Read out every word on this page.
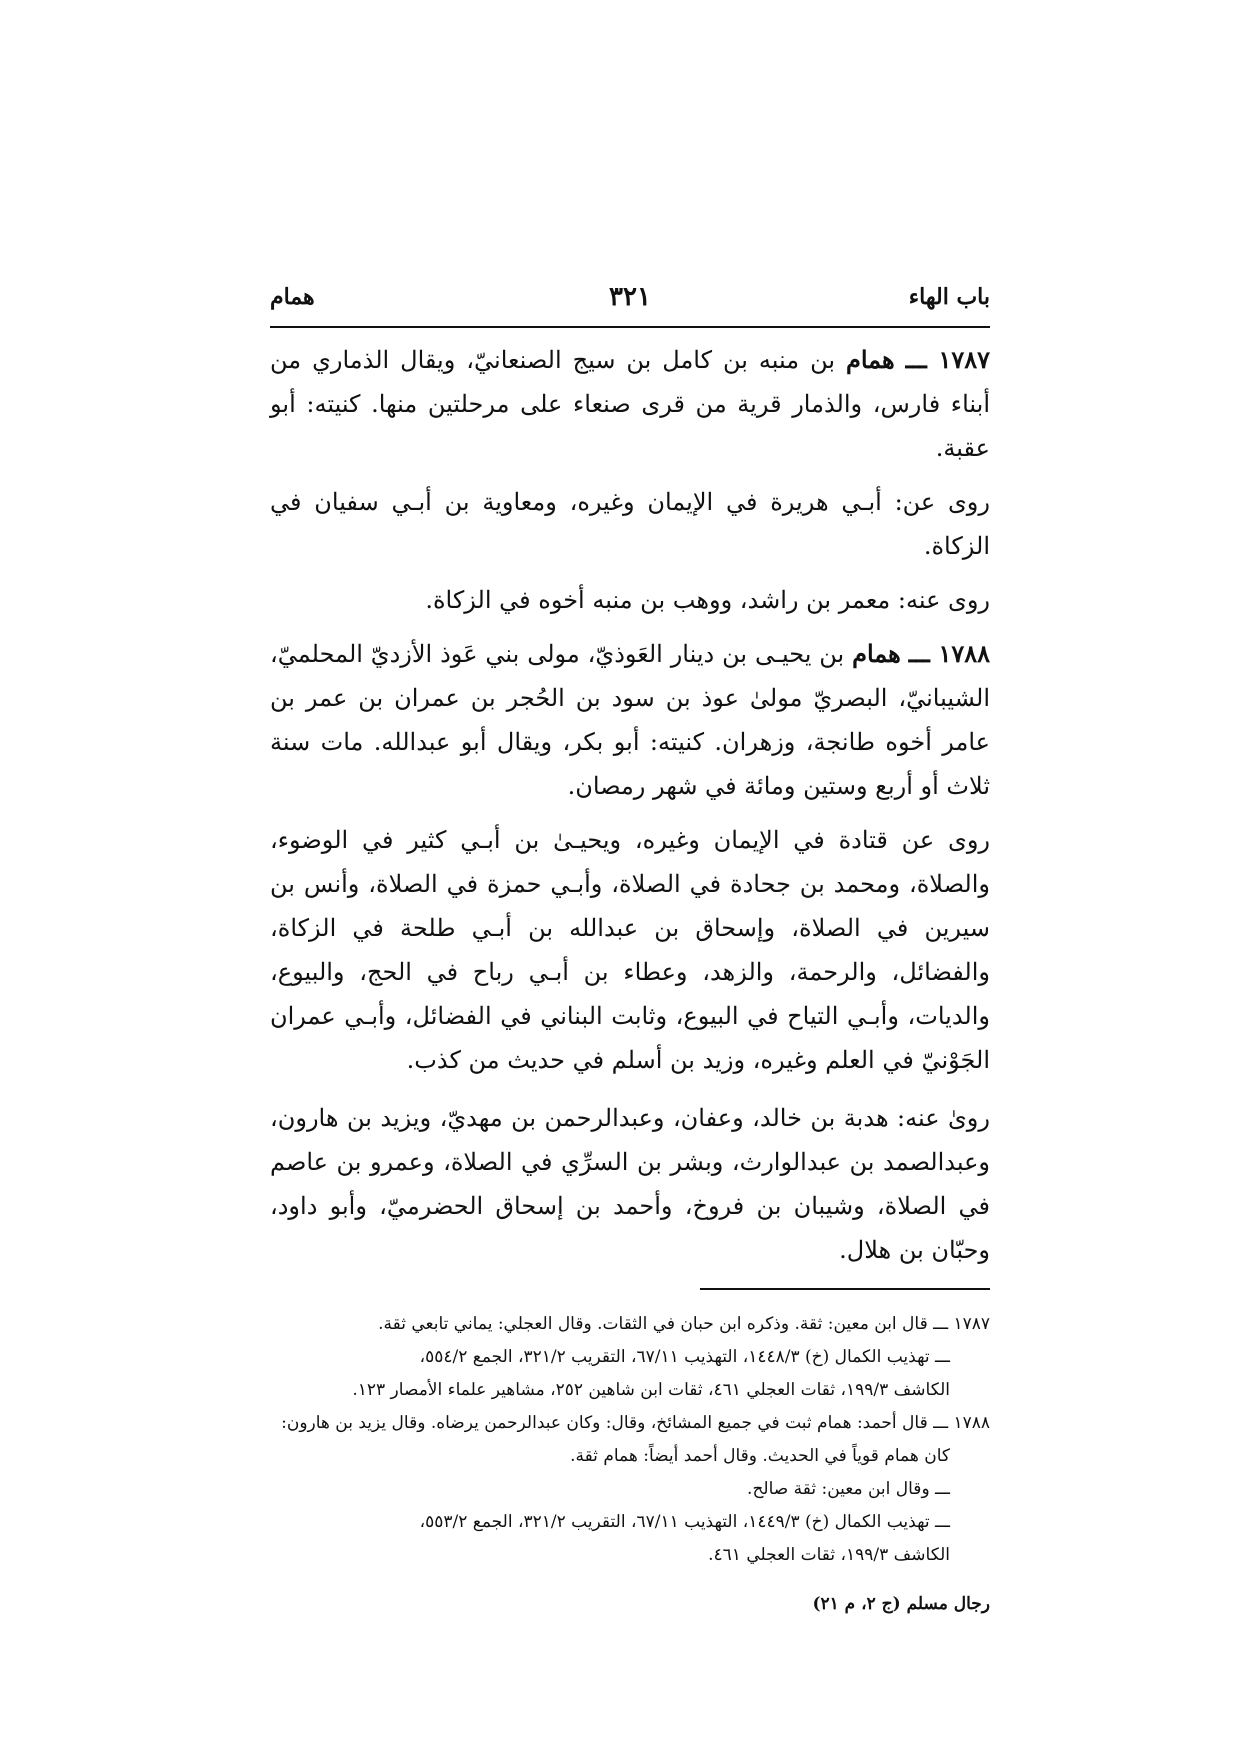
باب الهاء
٣٢١
همام

١٧٨٧ ـــ همام بن منبه بن كامل بن سيج الصنعانيّ، ويقال الذماري من أبناء فارس، والذمار قرية من قرى صنعاء على مرحلتين منها. كنيته: أبو عقبة.

روى عن: أبـي هريرة في الإيمان وغيره، ومعاوية بن أبـي سفيان في الزكاة.

روى عنه: معمر بن راشد، ووهب بن منبه أخوه في الزكاة.

١٧٨٨ ـــ همام بن يحيـى بن دينار العَوذيّ، مولى بني عَوذ الأزديّ المحلميّ، الشيبانيّ، البصريّ مولىٰ عوذ بن سود بن الحُجر بن عمران بن عمر بن عامر أخوه طانجة، وزهران. كنيته: أبو بكر، ويقال أبو عبدالله. مات سنة ثلاث أو أربع وستين ومائة في شهر رمصان.

روى عن قتادة في الإيمان وغيره، ويحيـىٰ بن أبـي كثير في الوضوء، والصلاة، ومحمد بن جحادة في الصلاة، وأبـي حمزة في الصلاة، وأنس بن سيرين في الصلاة، وإسحاق بن عبدالله بن أبـي طلحة في الزكاة، والفضائل، والرحمة، والزهد، وعطاء بن أبـي رباح في الحج، والبيوع، والديات، وأبـي التياح في البيوع، وثابت البناني في الفضائل، وأبـي عمران الجَوْنيّ في العلم وغيره، وزيد بن أسلم في حديث من كذب.

رویٰ عنه: هدبة بن خالد، وعفان، وعبدالرحمن بن مهديّ، ويزيد بن هارون، وعبدالصمد بن عبدالوارث، وبشر بن السرِّي في الصلاة، وعمرو بن عاصم في الصلاة، وشيبان بن فروخ، وأحمد بن إسحاق الحضرميّ، وأبو داود، وحبّان بن هلال.

١٧٨٧ ـــ قال ابن معين: ثقة. وذكره ابن حبان في الثقات. وقال العجلي: يماني تابعي ثقة.
ـــ تهذيب الكمال (خ) ١٤٤٨/٣، التهذيب ٦٧/١١، التقريب ٣٢١/٢، الجمع ٥٥٤/٢،
الكاشف ١٩٩/٣، ثقات العجلي ٤٦١، ثقات ابن شاهين ٢٥٢، مشاهير علماء الأمصار ١٢٣.
١٧٨٨ ـــ قال أحمد: همام ثبت في جميع المشائخ، وقال: وكان عبدالرحمن يرضاه. وقال يزيد بن هارون:
كان همام قوياً في الحديث. وقال أحمد أيضاً: همام ثقة.
ـــ وقال ابن معين: ثقة صالح.
ـــ تهذيب الكمال (خ) ١٤٤٩/٣، التهذيب ٦٧/١١، التقريب ٣٢١/٢، الجمع ٥٥٣/٢،
الكاشف ١٩٩/٣، ثقات العجلي ٤٦١.
رجال مسلم (ج ٢، م ٢١)
